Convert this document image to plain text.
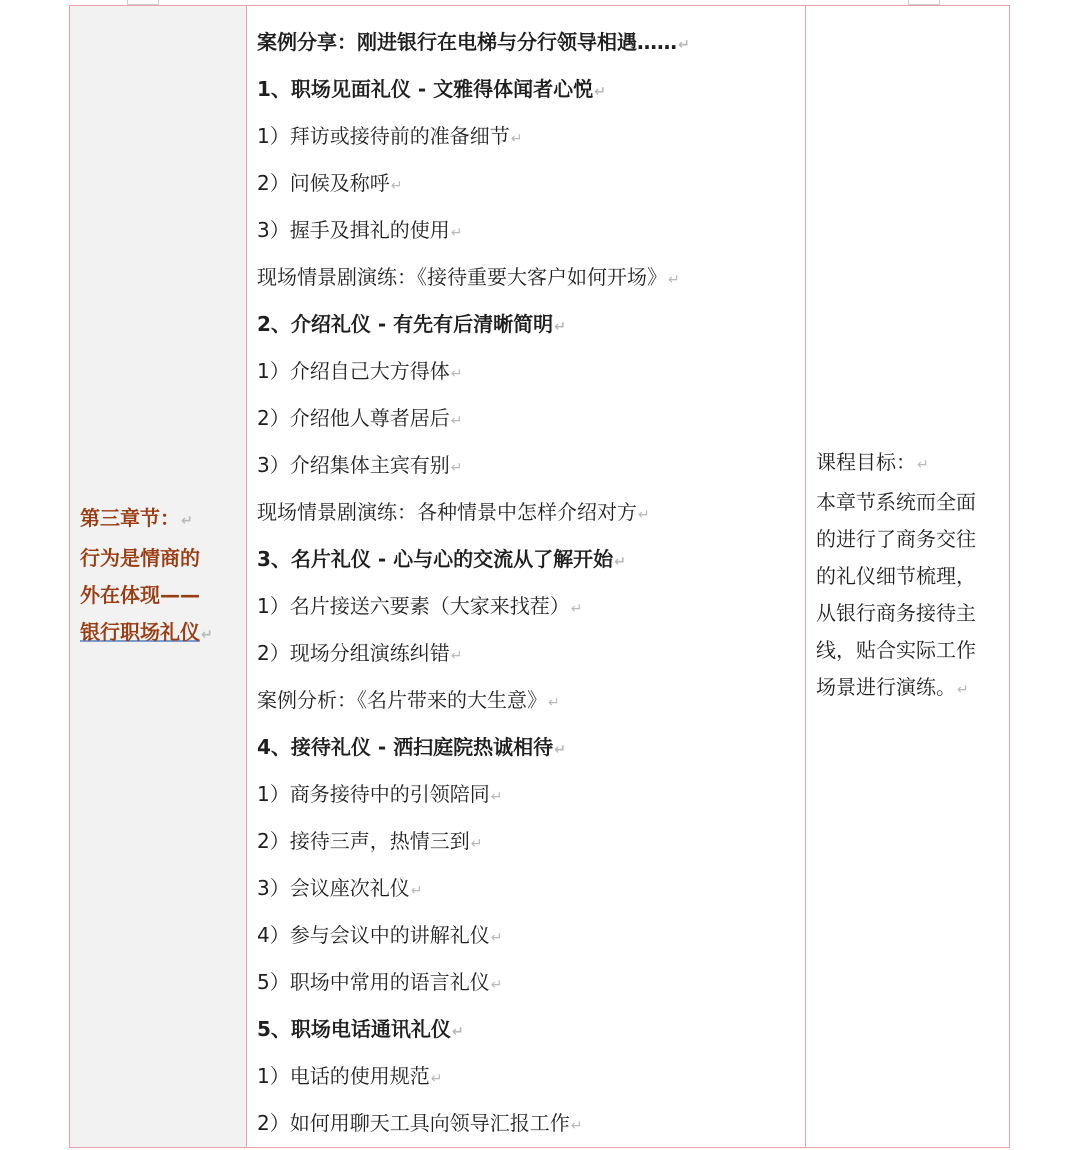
第三章节：↵
行为是情商的
外在体现——
银行职场礼仪↵

案例分享：刚进银行在电梯与分行领导相遇……↵
1、职场见面礼仪 - 文雅得体闻者心悦↵
1）拜访或接待前的准备细节↵
2）问候及称呼↵
3）握手及揖礼的使用↵
现场情景剧演练：《接待重要大客户如何开场》↵
2、介绍礼仪 - 有先有后清晰简明↵
1）介绍自己大方得体↵
2）介绍他人尊者居后↵
3）介绍集体主宾有别↵
现场情景剧演练：各种情景中怎样介绍对方↵
3、名片礼仪 - 心与心的交流从了解开始↵
1）名片接送六要素（大家来找茬）↵
2）现场分组演练纠错↵
案例分析：《名片带来的大生意》↵
4、接待礼仪 - 洒扫庭院热诚相待↵
1）商务接待中的引领陪同↵
2）接待三声，热情三到↵
3）会议座次礼仪↵
4）参与会议中的讲解礼仪↵
5）职场中常用的语言礼仪↵
5、职场电话通讯礼仪↵
1）电话的使用规范↵
2）如何用聊天工具向领导汇报工作↵

课程目标：↵
本章节系统而全面
的进行了商务交往
的礼仪细节梳理，
从银行商务接待主
线，贴合实际工作
场景进行演练。↵
